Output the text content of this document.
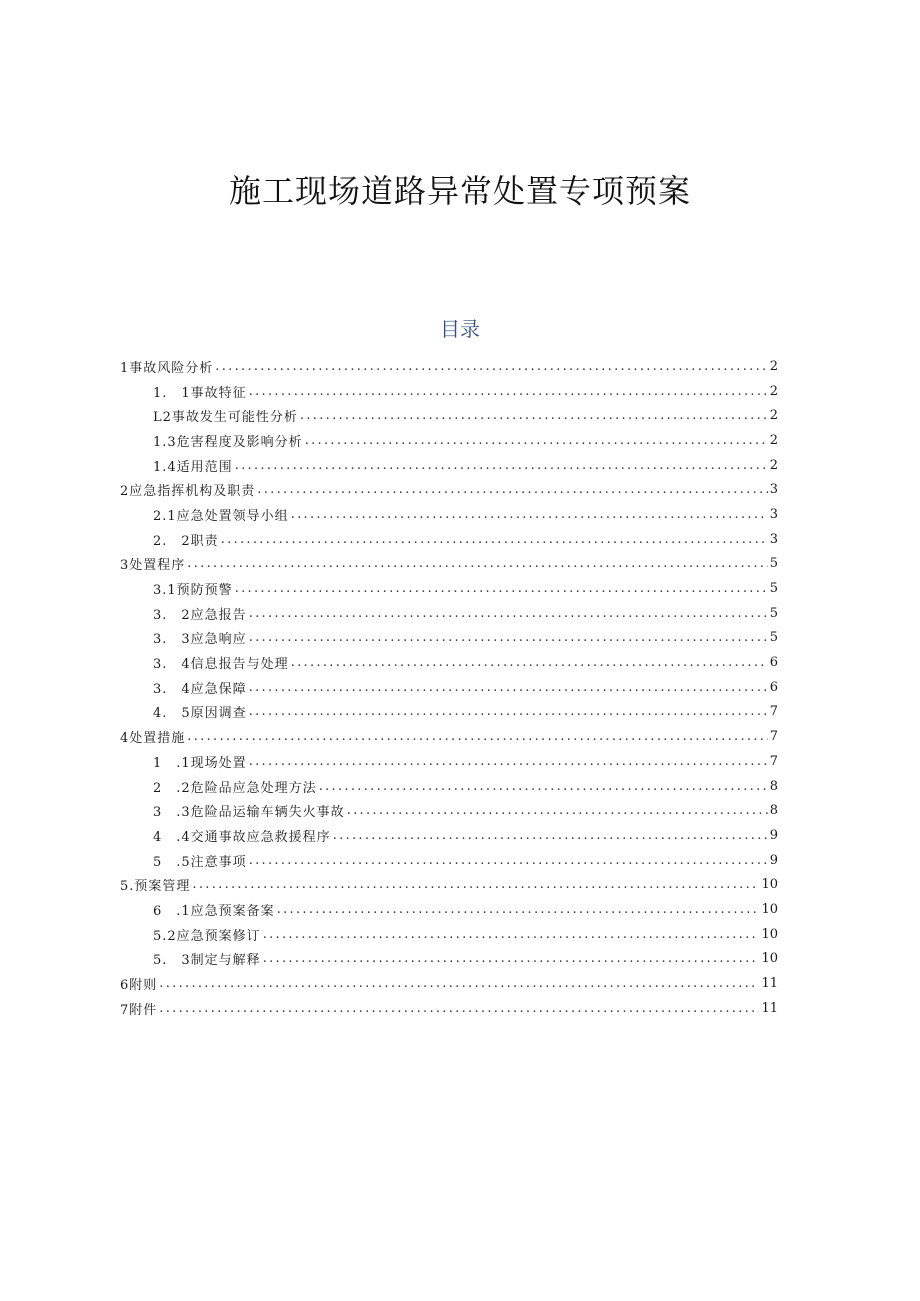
施工现场道路异常处置专项预案
目录
1事故风险分析 .....	2
1.　1事故特征 .....	2
L2事故发生可能性分析 .....	2
1.3危害程度及影响分析 .....	2
1.4适用范围 .....	2
2应急指挥机构及职责 .....	3
2.1应急处置领导小组 .....	3
2.　2职责 .....	3
3处置程序 .....	5
3.1预防预警 .....	5
3.　2应急报告 .....	5
3.　3应急响应 .....	5
3.　4信息报告与处理 .....	6
3.　4应急保障 .....	6
4.　5原因调查 .....	7
4处置措施 .....	7
1　.1现场处置 .....	7
2　.2危险品应急处理方法 .....	8
3　.3危险品运输车辆失火事故 .....	8
4　.4交通事故应急救援程序 .....	9
5　.5注意事项 .....	9
5.预案管理 .....	10
6　.1应急预案备案 .....	10
5.2应急预案修订 .....	10
5.　3制定与解释 .....	10
6附则 .....	11
7附件 .....	11
